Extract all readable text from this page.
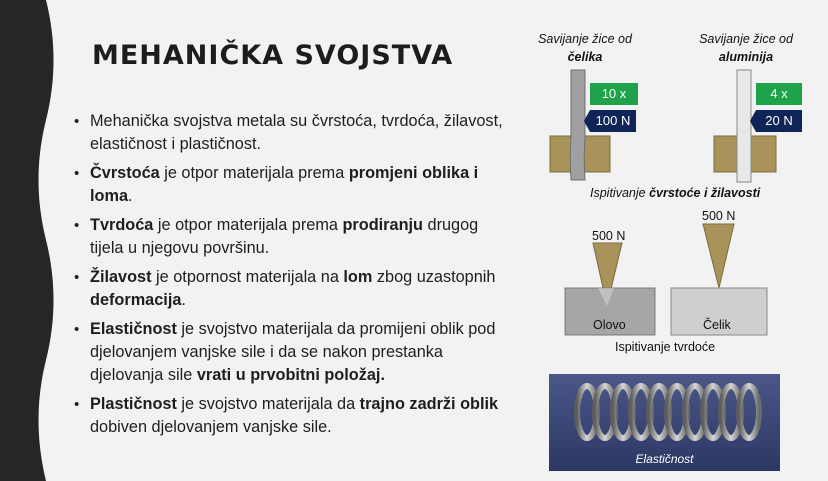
MEHANIČKA SVOJSTVA
• Mehanička svojstva metala su čvrstoća, tvrdoća, žilavost, elastičnost i plastičnost.
• Čvrstoća je otpor materijala prema promjeni oblika i loma.
• Tvrdoća je otpor materijala prema prodiranju drugog tijela u njegovu površinu.
• Žilavost je otpornost materijala na lom zbog uzastopnih deformacija.
• Elastičnost je svojstvo materijala da promijeni oblik pod djelovanjem vanjske sile i da se nakon prestanka djelovanja sile vrati u prvobitni položaj.
• Plastičnost je svojstvo materijala da trajno zadrži oblik dobiven djelovanjem vanjske sile.
Savijanje žice od
čelika
10 x
100 N
Savijanje žice od
aluminija
4 x
20 N
Ispitivanje čvrstoće i žilavosti
500 N
500 N
Olovo	Čelik
Ispitivanje tvrdoće
Elastičnost
